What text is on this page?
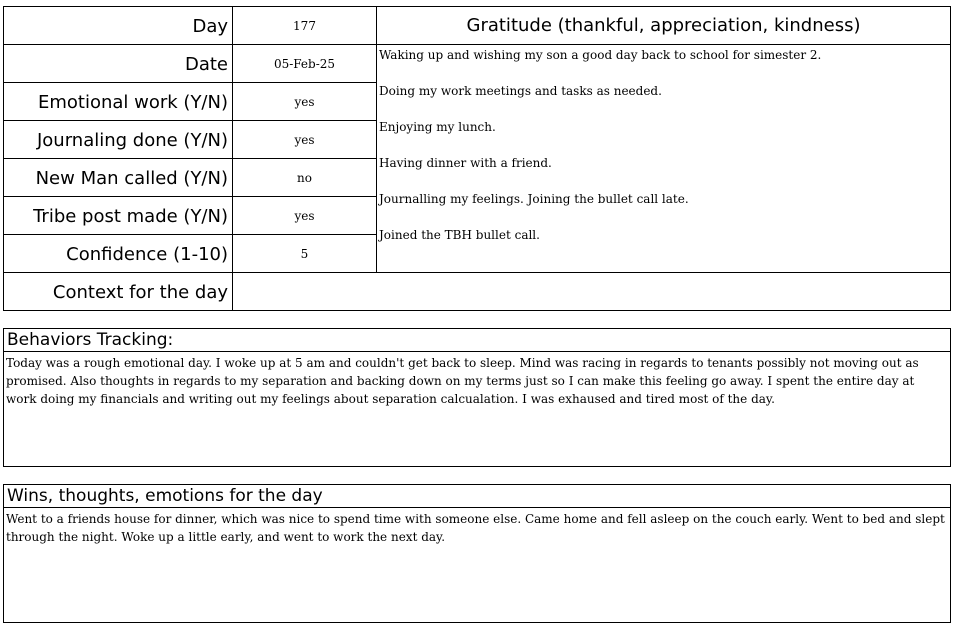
Day
Date
Emotional work (Y/N)
Journaling done (Y/N)
New Man called (Y/N)
Tribe post made (Y/N)
Confidence (1-10)
Context for the day
177
05-Feb-25
yes
yes
no
yes
5
Gratitude (thankful, appreciation, kindness)
Waking up and wishing my son a good day back to school for simester 2.
Doing my work meetings and tasks as needed.
Enjoying my lunch.
Having dinner with a friend.
Journalling my feelings. Joining the bullet call late.
Joined the TBH bullet call.
Behaviors Tracking:

Today was a rough emotional day. I woke up at 5 am and couldn't get back to sleep. Mind was racing in regards to tenants possibly not moving out as promised. Also thoughts in regards to my separation and backing down on my terms just so I can make this feeling go away. I spent the entire day at work doing my financials and writing out my feelings about separation calcualation. I was exhaused and tired most of the day.

Wins, thoughts, emotions for the day

Went to a friends house for dinner, which was nice to spend time with someone else. Came home and fell asleep on the couch early. Went to bed and slept through the night. Woke up a little early, and went to work the next day.
